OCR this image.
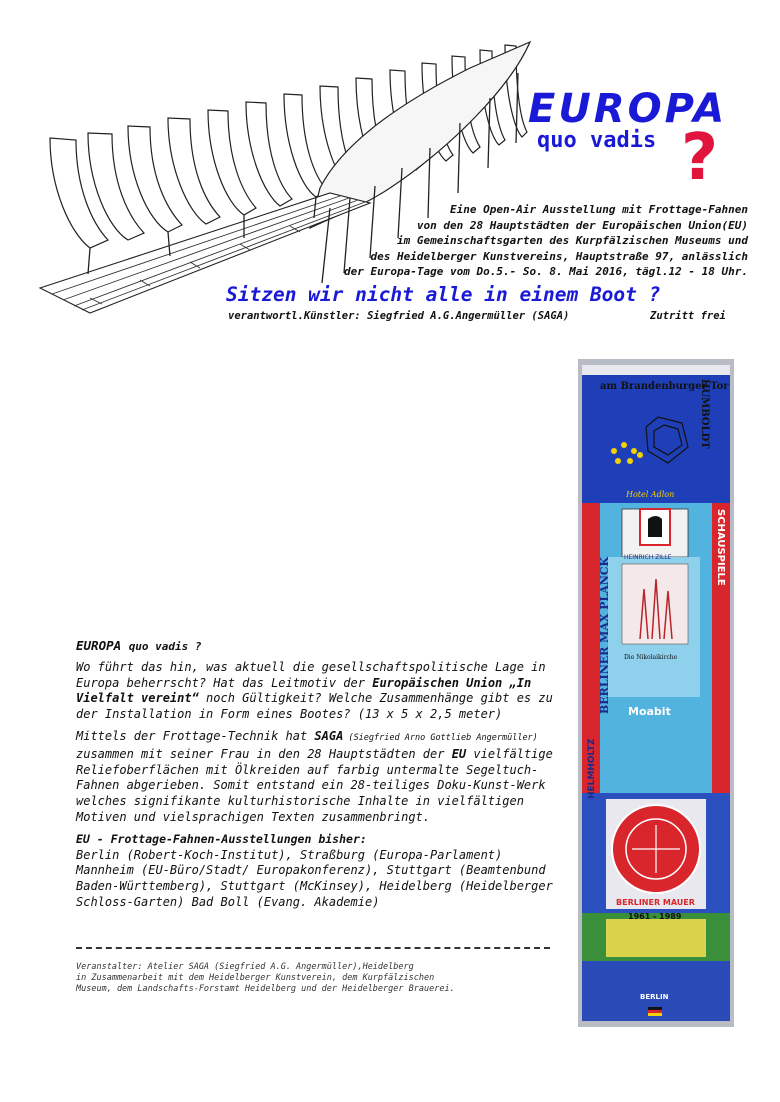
EUROPA
quo vadis ?
Eine Open-Air Ausstellung mit Frottage-Fahnen
von den 28 Hauptstädten der Europäischen Union(EU)
im Gemeinschaftsgarten des Kurpfälzischen Museums und
des Heidelberger Kunstvereins, Hauptstraße 97, anlässlich
der Europa-Tage vom Do.5.- So. 8. Mai 2016, tägl.12 - 18 Uhr.
Sitzen wir nicht alle in einem Boot ?
verantwortl.Künstler: Siegfried A.G.Angermüller (SAGA)	Zutritt frei
EUROPA quo vadis ?
Wo führt das hin, was aktuell die gesellschaftspolitische Lage in Europa beherrscht? Hat das Leitmotiv der Europäischen Union „In Vielfalt vereint“ noch Gültigkeit? Welche Zusammenhänge gibt es zu der Installation in Form eines Bootes? (13 x 5 x 2,5 meter)
Mittels der Frottage-Technik hat SAGA (Siegfried Arno Gottlieb Angermüller) zusammen mit seiner Frau in den 28 Hauptstädten der EU vielfältige Reliefoberflächen mit Ölkreiden auf farbig untermalte Segeltuch-Fahnen abgerieben. Somit entstand ein 28-teiliges Doku-Kunst-Werk welches signifikante kulturhistorische Inhalte in vielfältigen Motiven und vielsprachigen Texten zusammenbringt.
EU - Frottage-Fahnen-Ausstellungen bisher:
Berlin (Robert-Koch-Institut), Straßburg (Europa-Parlament) Mannheim (EU-Büro/Stadt/ Europakonferenz), Stuttgart (Beamtenbund Baden-Württemberg), Stuttgart (McKinsey), Heidelberg (Heidelberger Schloss-Garten) Bad Boll (Evang. Akademie)
Veranstalter: Atelier SAGA (Siegfried A.G. Angermüller),Heidelberg
in Zusammenarbeit mit dem Heidelberger Kunstverein, dem Kurpfälzischen
Museum, dem Landschafts-Forstamt Heidelberg und der Heidelberger Brauerei.
am Brandenburger Tor
BERLINER MAX PLANCK
HUMBOLDT
Hotel Adlon
SCHAUSPIELE
HEINRICH ZILLE
Die Nikolaikirche
HELMHOLTZ
Moabit
BERLINER MAUER
1961 - 1989
BERLIN
